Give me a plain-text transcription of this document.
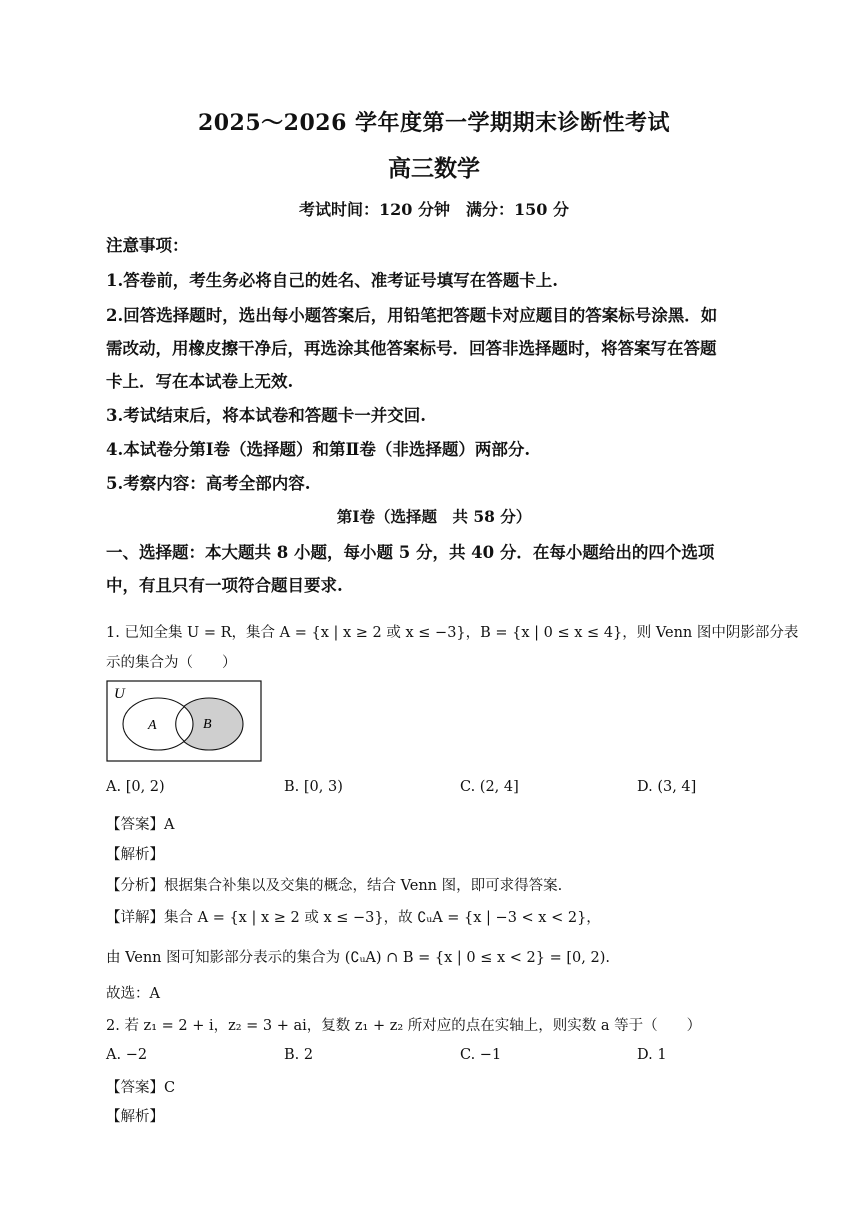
2025～2026 学年度第一学期期末诊断性考试
高三数学
考试时间：120 分钟　满分：150 分
注意事项：
1.答卷前，考生务必将自己的姓名、准考证号填写在答题卡上.
2.回答选择题时，选出每小题答案后，用铅笔把答题卡对应题目的答案标号涂黑．如
需改动，用橡皮擦干净后，再选涂其他答案标号．回答非选择题时，将答案写在答题
卡上．写在本试卷上无效.
3.考试结束后，将本试卷和答题卡一并交回.
4.本试卷分第Ⅰ卷（选择题）和第Ⅱ卷（非选择题）两部分.
5.考察内容：高考全部内容.
第Ⅰ卷（选择题　共 58 分）
一、选择题：本大题共 8 小题，每小题 5 分，共 40 分．在每小题给出的四个选项
中，有且只有一项符合题目要求.
1. 已知全集 U = R，集合 A = {x | x ≥ 2 或 x ≤ −3}，B = {x | 0 ≤ x ≤ 4}，则 Venn 图中阴影部分表
示的集合为（　　）
U
A	B
A. [0, 2)	B. [0, 3)	C. (2, 4]	D. (3, 4]
【答案】A
【解析】
【分析】根据集合补集以及交集的概念，结合 Venn 图，即可求得答案.
【详解】集合 A = {x | x ≥ 2 或 x ≤ −3}，故 ∁ᵤA = {x | −3 < x < 2}，
由 Venn 图可知影部分表示的集合为 (∁ᵤA) ∩ B = {x | 0 ≤ x < 2} = [0, 2).
故选：A
2. 若 z₁ = 2 + i，z₂ = 3 + ai，复数 z₁ + z₂ 所对应的点在实轴上，则实数 a 等于（　　）
A. −2	B. 2	C. −1	D. 1
【答案】C
【解析】
